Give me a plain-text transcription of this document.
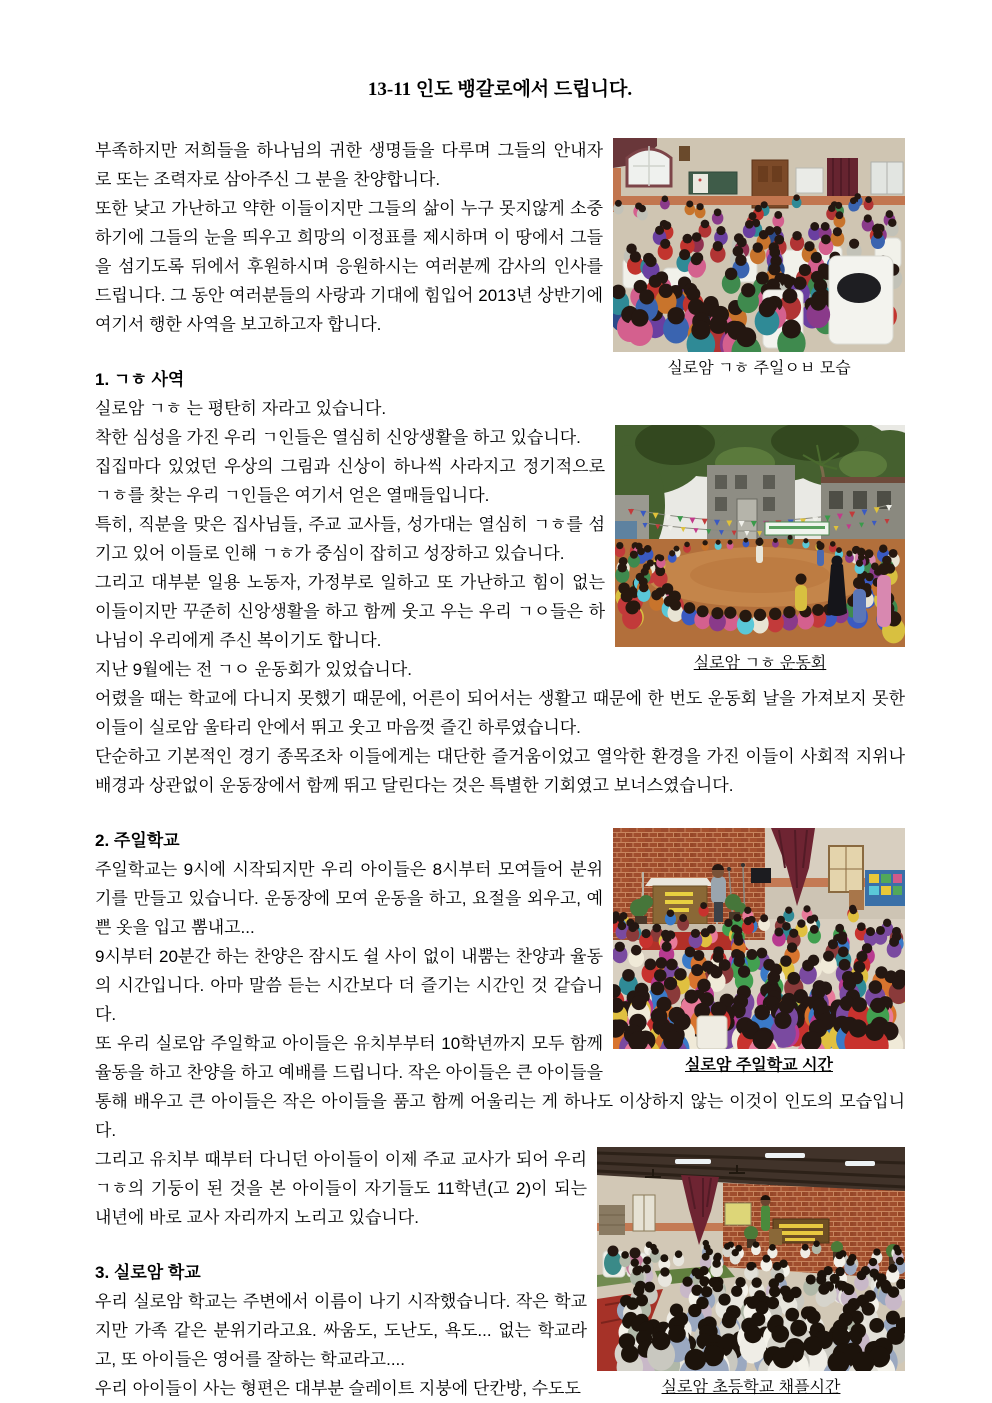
13-11 인도 뱅갈로에서 드립니다.
실로암 ㄱㅎ 주일ㅇㅂ 모습
부족하지만 저희들을 하나님의 귀한 생명들을 다루며 그들의 안내자로 또는 조력자로 삼아주신 그 분을 찬양합니다.
또한 낮고 가난하고 약한 이들이지만 그들의 삶이 누구 못지않게 소중하기에 그들의 눈을 띄우고 희망의 이정표를 제시하며 이 땅에서 그들을 섬기도록 뒤에서 후원하시며 응원하시는 여러분께 감사의 인사를 드립니다. 그 동안 여러분들의 사랑과 기대에 힘입어 2013년 상반기에 여기서 행한 사역을 보고하고자 합니다.
1. ㄱㅎ 사역
실로암 ㄱㅎ 는 평탄히 자라고 있습니다.
실로암 ㄱㅎ 운동회
착한 심성을 가진 우리 ㄱ인들은 열심히 신앙생활을 하고 있습니다.
집집마다 있었던 우상의 그림과 신상이 하나씩 사라지고 정기적으로 ㄱㅎ를 찾는 우리 ㄱ인들은 여기서 얻은 열매들입니다.
특히, 직분을 맞은 집사님들, 주교 교사들, 성가대는 열심히 ㄱㅎ를 섬기고 있어 이들로 인해 ㄱㅎ가 중심이 잡히고 성장하고 있습니다.
그리고 대부분 일용 노동자, 가정부로 일하고 또 가난하고 힘이 없는 이들이지만 꾸준히 신앙생활을 하고 함께 웃고 우는 우리 ㄱㅇ들은 하나님이 우리에게 주신 복이기도 합니다.
지난 9월에는 전 ㄱㅇ 운동회가 있었습니다.
어렸을 때는 학교에 다니지 못했기 때문에, 어른이 되어서는 생활고 때문에 한 번도 운동회 날을 가져보지 못한 이들이 실로암 울타리 안에서 뛰고 웃고 마음껏 즐긴 하루였습니다.
단순하고 기본적인 경기 종목조차 이들에게는 대단한 즐거움이었고 열악한 환경을 가진 이들이 사회적 지위나 배경과 상관없이 운동장에서 함께 뛰고 달린다는 것은 특별한 기회였고 보너스였습니다.
실로암 주일학교 시간
2. 주일학교
주일학교는 9시에 시작되지만 우리 아이들은 8시부터 모여들어 분위기를 만들고 있습니다. 운동장에 모여 운동을 하고, 요절을 외우고, 예쁜 옷을 입고 뽐내고...
9시부터 20분간 하는 찬양은 잠시도 쉴 사이 없이 내뿜는 찬양과 율동의 시간입니다. 아마 말씀 듣는 시간보다 더 즐기는 시간인 것 같습니다.
또 우리 실로암 주일학교 아이들은 유치부부터 10학년까지 모두 함께 율동을 하고 찬양을 하고 예배를 드립니다. 작은 아이들은 큰 아이들을 통해 배우고 큰 아이들은 작은 아이들을 품고 함께 어울리는 게 하나도 이상하지 않는 이것이 인도의 모습입니다.
실로암 초등학교 채플시간
그리고 유치부 때부터 다니던 아이들이 이제 주교 교사가 되어 우리 ㄱㅎ의 기둥이 된 것을 본 아이들이 자기들도 11학년(고 2)이 되는 내년에 바로 교사 자리까지 노리고 있습니다.
3. 실로암 학교
우리 실로암 학교는 주변에서 이름이 나기 시작했습니다. 작은 학교지만 가족 같은 분위기라고요. 싸움도, 도난도, 욕도... 없는 학교라고, 또 아이들은 영어를 잘하는 학교라고....
우리 아이들이 사는 형편은 대부분 슬레이트 지붕에 단칸방, 수도도
